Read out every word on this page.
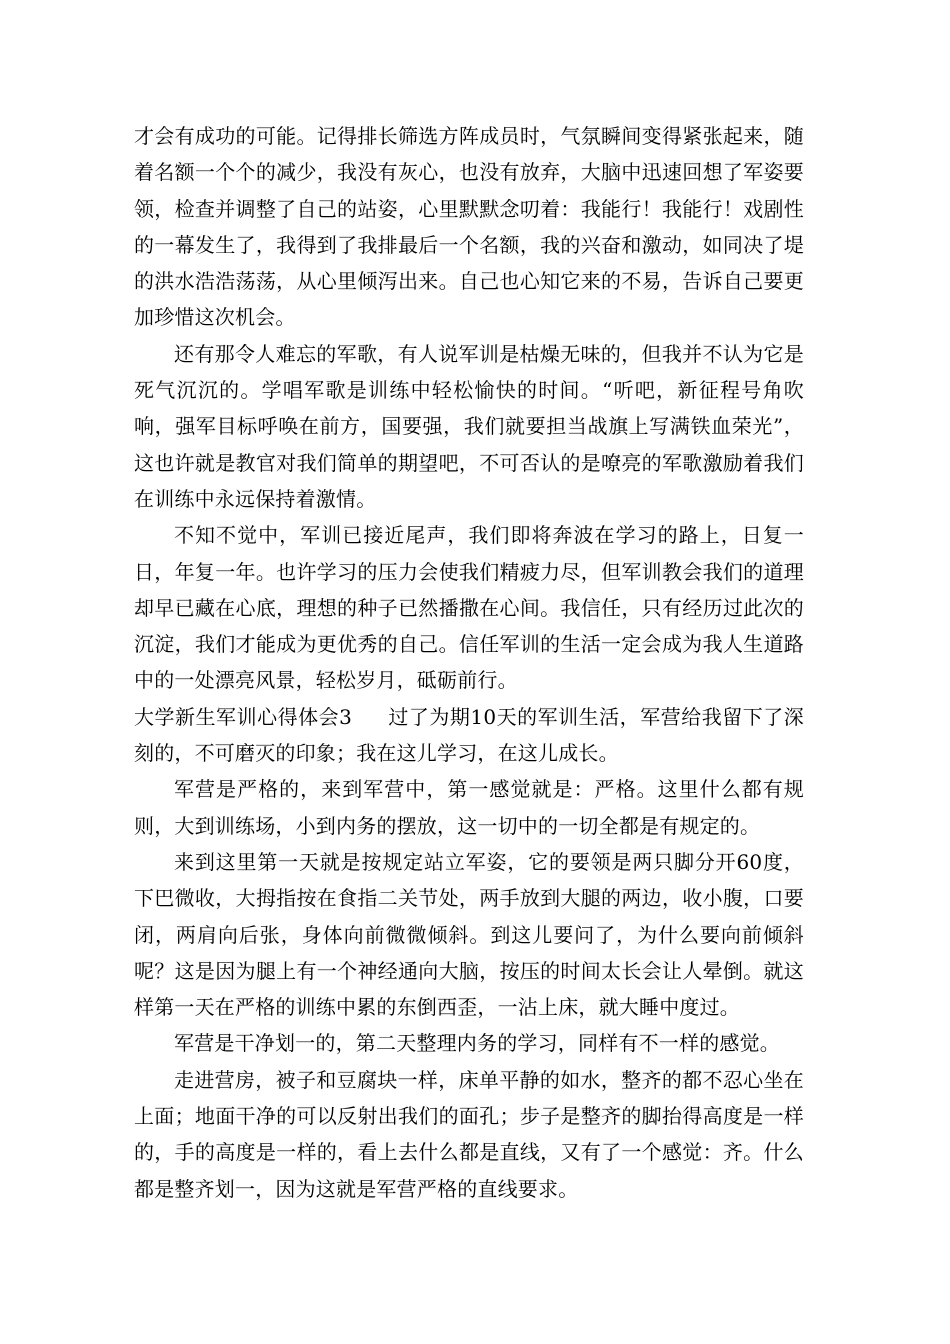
才会有成功的可能。记得排长筛选方阵成员时，气氛瞬间变得紧张起来，随着名额一个个的减少，我没有灰心，也没有放弃，大脑中迅速回想了军姿要领，检查并调整了自己的站姿，心里默默念叨着：我能行！我能行！戏剧性的一幕发生了，我得到了我排最后一个名额，我的兴奋和激动，如同决了堤的洪水浩浩荡荡，从心里倾泻出来。自己也心知它来的不易，告诉自己要更加珍惜这次机会。

还有那令人难忘的军歌，有人说军训是枯燥无味的，但我并不认为它是死气沉沉的。学唱军歌是训练中轻松愉快的时间。“听吧，新征程号角吹响，强军目标呼唤在前方，国要强，我们就要担当战旗上写满铁血荣光”，这也许就是教官对我们简单的期望吧，不可否认的是嘹亮的军歌激励着我们在训练中永远保持着激情。

不知不觉中，军训已接近尾声，我们即将奔波在学习的路上，日复一日，年复一年。也许学习的压力会使我们精疲力尽，但军训教会我们的道理却早已藏在心底，理想的种子已然播撒在心间。我信任，只有经历过此次的沉淀，我们才能成为更优秀的自己。信任军训的生活一定会成为我人生道路中的一处漂亮风景，轻松岁月，砥砺前行。

大学新生军训心得体会3 过了为期10天的军训生活，军营给我留下了深刻的，不可磨灭的印象；我在这儿学习，在这儿成长。

军营是严格的，来到军营中，第一感觉就是：严格。这里什么都有规则，大到训练场，小到内务的摆放，这一切中的一切全都是有规定的。

来到这里第一天就是按规定站立军姿，它的要领是两只脚分开60度，下巴微收，大拇指按在食指二关节处，两手放到大腿的两边，收小腹，口要闭，两肩向后张，身体向前微微倾斜。到这儿要问了，为什么要向前倾斜呢？这是因为腿上有一个神经通向大脑，按压的时间太长会让人晕倒。就这样第一天在严格的训练中累的东倒西歪，一沾上床，就大睡中度过。

军营是干净划一的，第二天整理内务的学习，同样有不一样的感觉。

走进营房，被子和豆腐块一样，床单平静的如水，整齐的都不忍心坐在上面；地面干净的可以反射出我们的面孔；步子是整齐的脚抬得高度是一样的，手的高度是一样的，看上去什么都是直线，又有了一个感觉：齐。什么都是整齐划一，因为这就是军营严格的直线要求。
